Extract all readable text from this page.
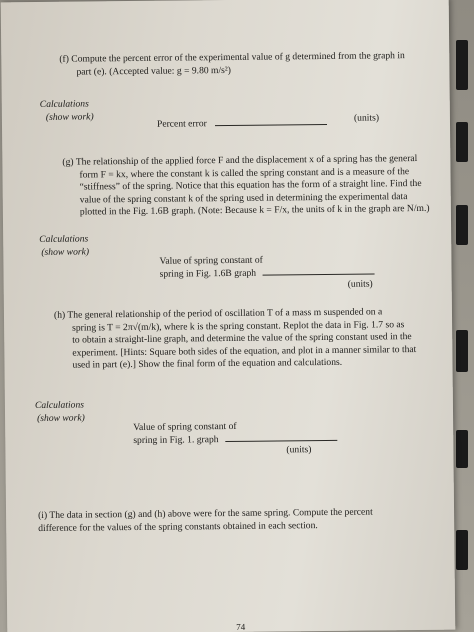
(f) Compute the percent error of the experimental value of g determined from the graph in
part (e). (Accepted value: g = 9.80 m/s²)
Calculations
(show work)
Percent error
(units)
(g) The relationship of the applied force F and the displacement x of a spring has the general
form F = kx, where the constant k is called the spring constant and is a measure of the
“stiffness” of the spring. Notice that this equation has the form of a straight line. Find the
value of the spring constant k of the spring used in determining the experimental data
plotted in the Fig. 1.6B graph. (Note: Because k = F/x, the units of k in the graph are N/m.)
Calculations
(show work)
Value of spring constant of
spring in Fig. 1.6B graph
(units)
(h) The general relationship of the period of oscillation T of a mass m suspended on a
spring is T = 2π√(m/k), where k is the spring constant. Replot the data in Fig. 1.7 so as
to obtain a straight-line graph, and determine the value of the spring constant used in the
experiment. [Hints: Square both sides of the equation, and plot in a manner similar to that
used in part (e).] Show the final form of the equation and calculations.
Calculations
(show work)
Value of spring constant of
spring in Fig. 1. graph
(units)
(i) The data in section (g) and (h) above were for the same spring. Compute the percent
difference for the values of the spring constants obtained in each section.
74
